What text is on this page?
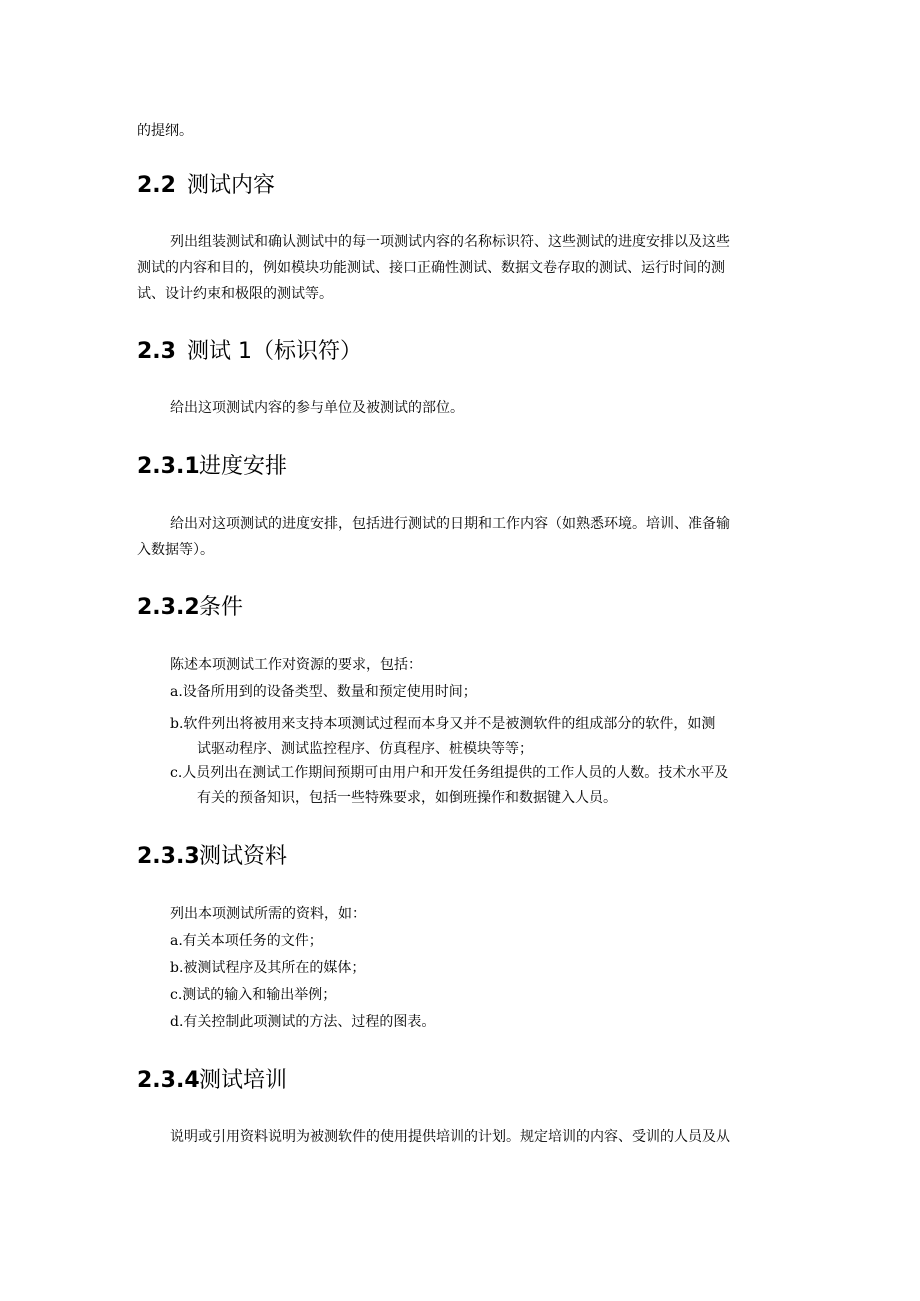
的提纲。
2.2 测试内容
列出组装测试和确认测试中的每一项测试内容的名称标识符、这些测试的进度安排以及这些
测试的内容和目的，例如模块功能测试、接口正确性测试、数据文卷存取的测试、运行时间的测
试、设计约束和极限的测试等。
2.3 测试 1（标识符）
给出这项测试内容的参与单位及被测试的部位。
2.3.1进度安排
给出对这项测试的进度安排，包括进行测试的日期和工作内容（如熟悉环境。培训、准备输
入数据等）。
2.3.2条件
陈述本项测试工作对资源的要求，包括：
a.设备所用到的设备类型、数量和预定使用时间；
b.软件列出将被用来支持本项测试过程而本身又并不是被测软件的组成部分的软件，如测
试驱动程序、测试监控程序、仿真程序、桩模块等等；
c.人员列出在测试工作期间预期可由用户和开发任务组提供的工作人员的人数。技术水平及
有关的预备知识，包括一些特殊要求，如倒班操作和数据键入人员。
2.3.3测试资料
列出本项测试所需的资料，如：
a.有关本项任务的文件；
b.被测试程序及其所在的媒体；
c.测试的输入和输出举例；
d.有关控制此项测试的方法、过程的图表。
2.3.4测试培训
说明或引用资料说明为被测软件的使用提供培训的计划。规定培训的内容、受训的人员及从
